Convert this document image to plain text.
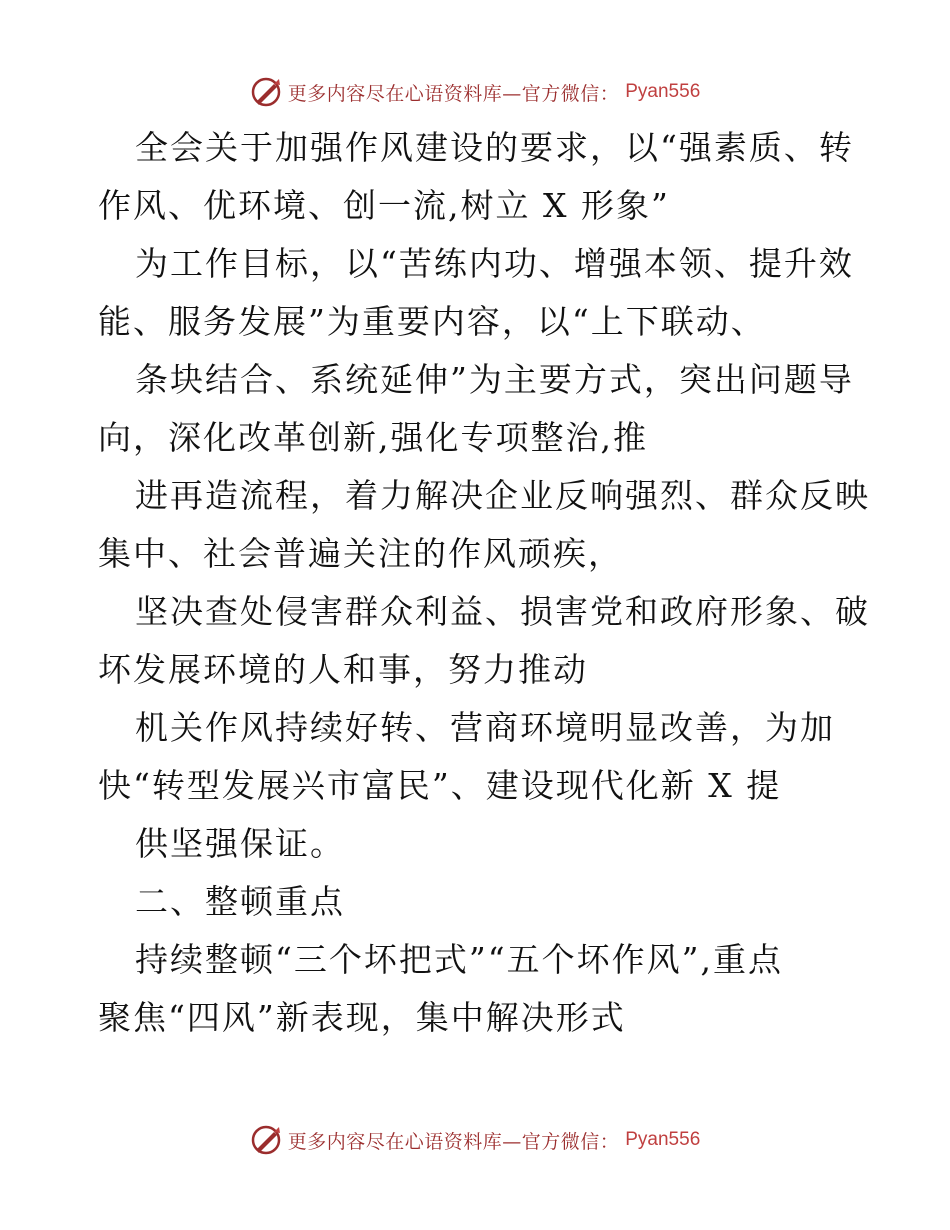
更多内容尽在心语资料库—官方微信： Pyan556
全会关于加强作风建设的要求，以“强素质、转
作风、优环境、创一流,树立 X 形象”
为工作目标，以“苦练内功、增强本领、提升效
能、服务发展”为重要内容，以“上下联动、
条块结合、系统延伸”为主要方式，突出问题导
向，深化改革创新,强化专项整治,推
进再造流程，着力解决企业反响强烈、群众反映
集中、社会普遍关注的作风顽疾，
坚决查处侵害群众利益、损害党和政府形象、破
坏发展环境的人和事，努力推动
机关作风持续好转、营商环境明显改善，为加
快“转型发展兴市富民”、建设现代化新 X 提
供坚强保证。
二、整顿重点
持续整顿“三个坏把式”“五个坏作风”,重点
聚焦“四风”新表现，集中解决形式
更多内容尽在心语资料库—官方微信： Pyan556
